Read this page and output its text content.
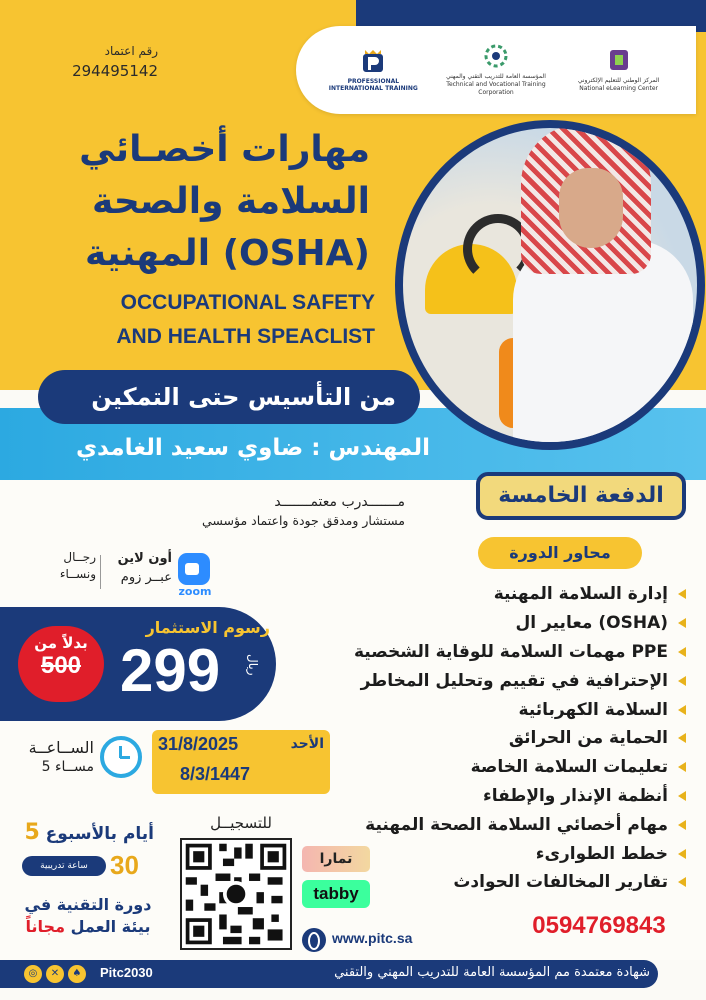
PROFESSIONAL INTERNATIONAL TRAINING
المؤسسة العامة للتدريب التقني والمهني
Technical and Vocational Training Corporation
المركز الوطني للتعليم الإلكتروني
National eLearning Center
رقم اعتماد
294495142
مهارات أخصـائي
السلامة والصحة
المهنية (OSHA)
OCCUPATIONAL SAFETY
AND HEALTH SPEACLIST
من التأسيس حتى التمكين
المهندس : ضاوي سعيد الغامدي
الدفعة الخامسة
مـــــــدرب معتمـــــــد
مستشار ومدقق جودة واعتماد مؤسسي
محاور الدورة
رجــال
ونســاء
أون لاين
عبــر زوم
zoom	إدارة السلامة المهنية
معايير ال (OSHA)
مهمات السلامة للوقاية الشخصية PPE
الإحترافية في تقييم وتحليل المخاطر
السلامة الكهربائية
الحماية من الحرائق
تعليمات السلامة الخاصة
أنظمة الإنذار والإطفاء
مهام أخصائي السلامة الصحة المهنية
خطط الطوارىء
تقارير المخالفات الحوادث
رسوم الاستثمار
299	ريال
بدلاً من
500
الســاعــة
5 مســاء
31/8/2025	الأحد
8/3/1447
5 أيام بالأسبوع
ساعة تدريبية 30
دورة التقنية في
بيئة العمل مجاناً
للتسجيــل
تمارا
tabby
www.pitc.sa	0594769843
◎	✕	♠	Pitc2030	شهادة معتمدة مم المؤسسة العامة للتدريب المهني والتقني
